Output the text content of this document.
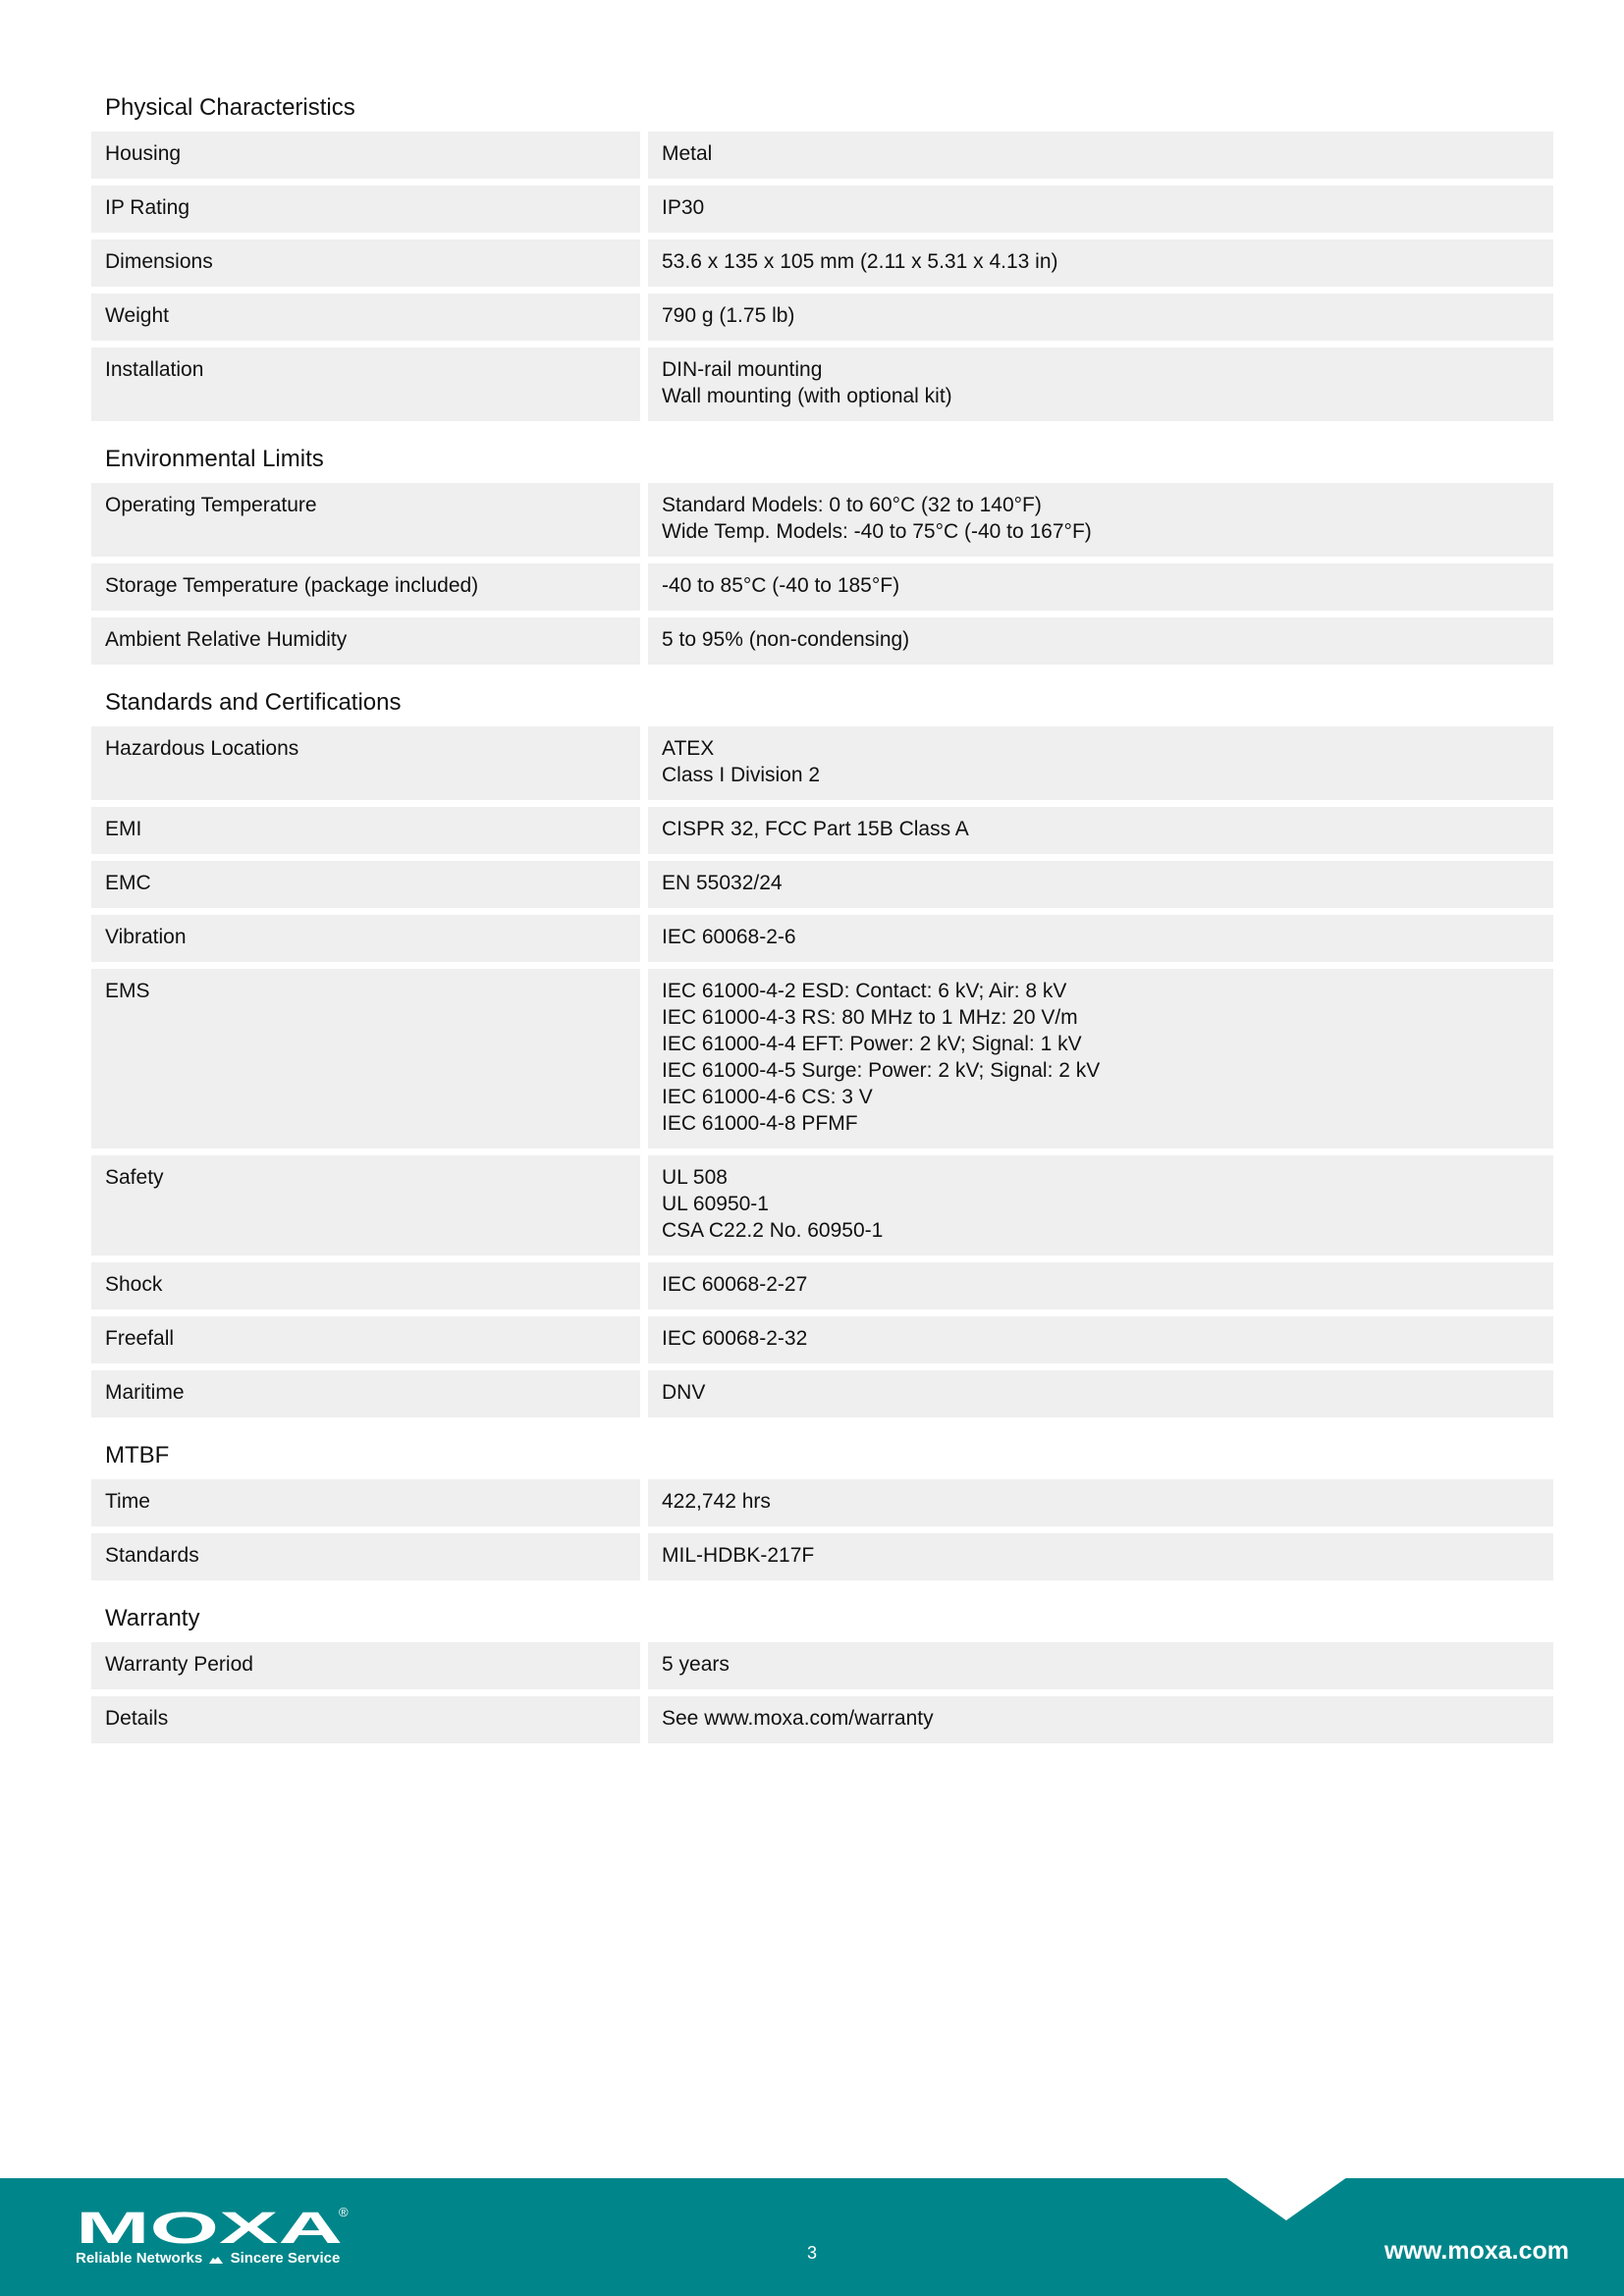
Physical Characteristics
Housing	Metal
IP Rating	IP30
Dimensions	53.6 x 135 x 105 mm (2.11 x 5.31 x 4.13 in)
Weight	790 g (1.75 lb)
Installation	DIN-rail mounting
Wall mounting (with optional kit)
Environmental Limits
Operating Temperature	Standard Models: 0 to 60°C (32 to 140°F)
Wide Temp. Models: -40 to 75°C (-40 to 167°F)
Storage Temperature (package included)	-40 to 85°C (-40 to 185°F)
Ambient Relative Humidity	5 to 95% (non-condensing)
Standards and Certifications
Hazardous Locations	ATEX
Class I Division 2
EMI	CISPR 32, FCC Part 15B Class A
EMC	EN 55032/24
Vibration	IEC 60068-2-6
EMS	IEC 61000-4-2 ESD: Contact: 6 kV; Air: 8 kV
IEC 61000-4-3 RS: 80 MHz to 1 MHz: 20 V/m
IEC 61000-4-4 EFT: Power: 2 kV; Signal: 1 kV
IEC 61000-4-5 Surge: Power: 2 kV; Signal: 2 kV
IEC 61000-4-6 CS: 3 V
IEC 61000-4-8 PFMF
Safety	UL 508
UL 60950-1
CSA C22.2 No. 60950-1
Shock	IEC 60068-2-27
Freefall	IEC 60068-2-32
Maritime	DNV
MTBF
Time	422,742 hrs
Standards	MIL-HDBK-217F
Warranty
Warranty Period	5 years
Details	See www.moxa.com/warranty
MOXA
®
Reliable Networks Sincere Service	3	www.moxa.com
